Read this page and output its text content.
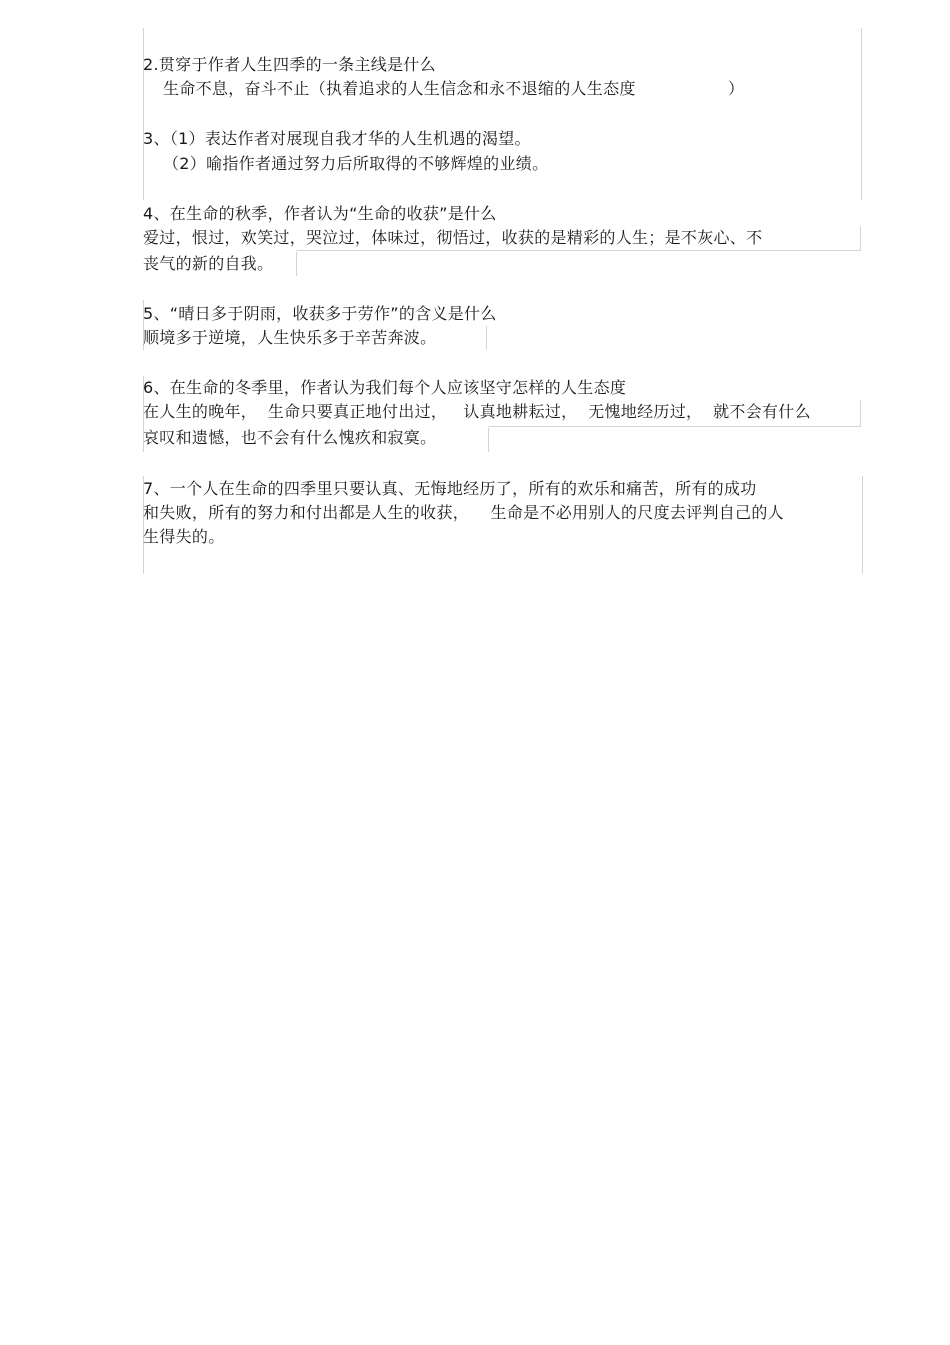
2.贯穿于作者人生四季的一条主线是什么
生命不息，奋斗不止（执着追求的人生信念和永不退缩的人生态度	）
3、（1）表达作者对展现自我才华的人生机遇的渴望。
（2）喻指作者通过努力后所取得的不够辉煌的业绩。
4、在生命的秋季，作者认为“生命的收获”是什么
爱过，恨过，欢笑过，哭泣过，体味过，彻悟过，收获的是精彩的人生；是不灰心、不
丧气的新的自我。
5、“晴日多于阴雨，收获多于劳作”的含义是什么
顺境多于逆境，人生快乐多于辛苦奔波。
6、在生命的冬季里，作者认为我们每个人应该坚守怎样的人生态度
在人生的晚年，  生命只要真正地付出过，   认真地耕耘过，  无愧地经历过，  就不会有什么
哀叹和遗憾，也不会有什么愧疚和寂寞。
7、一个人在生命的四季里只要认真、无悔地经历了，所有的欢乐和痛苦，所有的成功
和失败，所有的努力和付出都是人生的收获，    生命是不必用别人的尺度去评判自己的人
生得失的。
